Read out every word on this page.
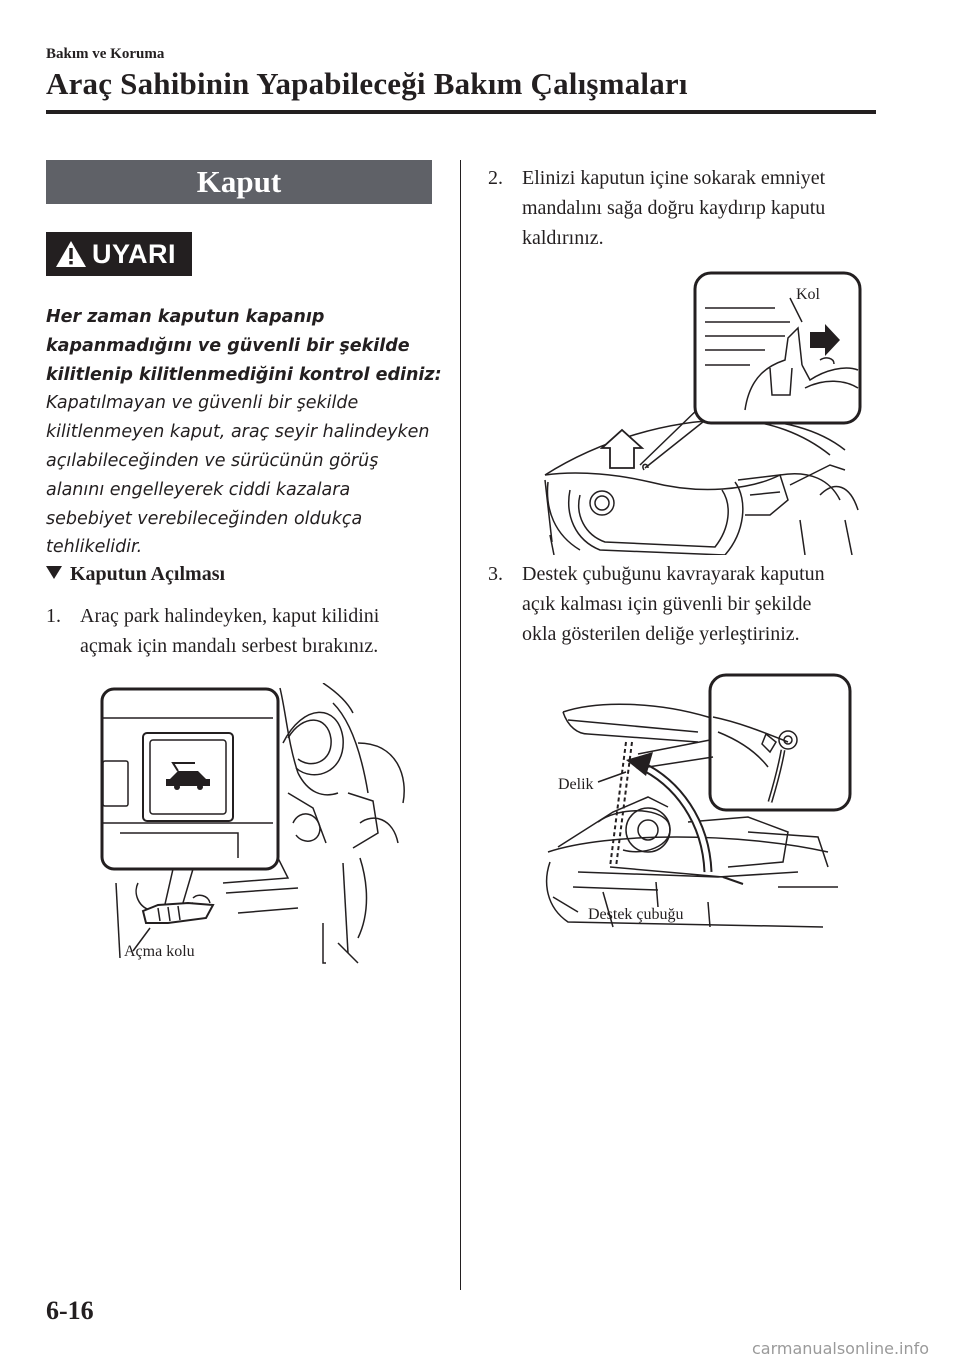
Bakım ve Koruma
Araç Sahibinin Yapabileceği Bakım Çalışmaları
Kaput
UYARI
Her zaman kaputun kapanıp
kapanmadığını ve güvenli bir şekilde
kilitlenip kilitlenmediğini kontrol ediniz:
Kapatılmayan ve güvenli bir şekilde
kilitlenmeyen kaput, araç seyir halindeyken
açılabileceğinden ve sürücünün görüş
alanını engelleyerek ciddi kazalara
sebebiyet verebileceğinden oldukça
tehlikelidir.
Kaputun Açılması
1. Araç park halindeyken, kaput kilidini
açmak için mandalı serbest bırakınız.
Açma kolu
2. Elinizi kaputun içine sokarak emniyet
mandalını sağa doğru kaydırıp kaputu
kaldırınız.
Kol
3. Destek çubuğunu kavrayarak kaputun
açık kalması için güvenli bir şekilde
okla gösterilen deliğe yerleştiriniz.
Delik
Destek çubuğu
6-16
carmanualsonline.info
